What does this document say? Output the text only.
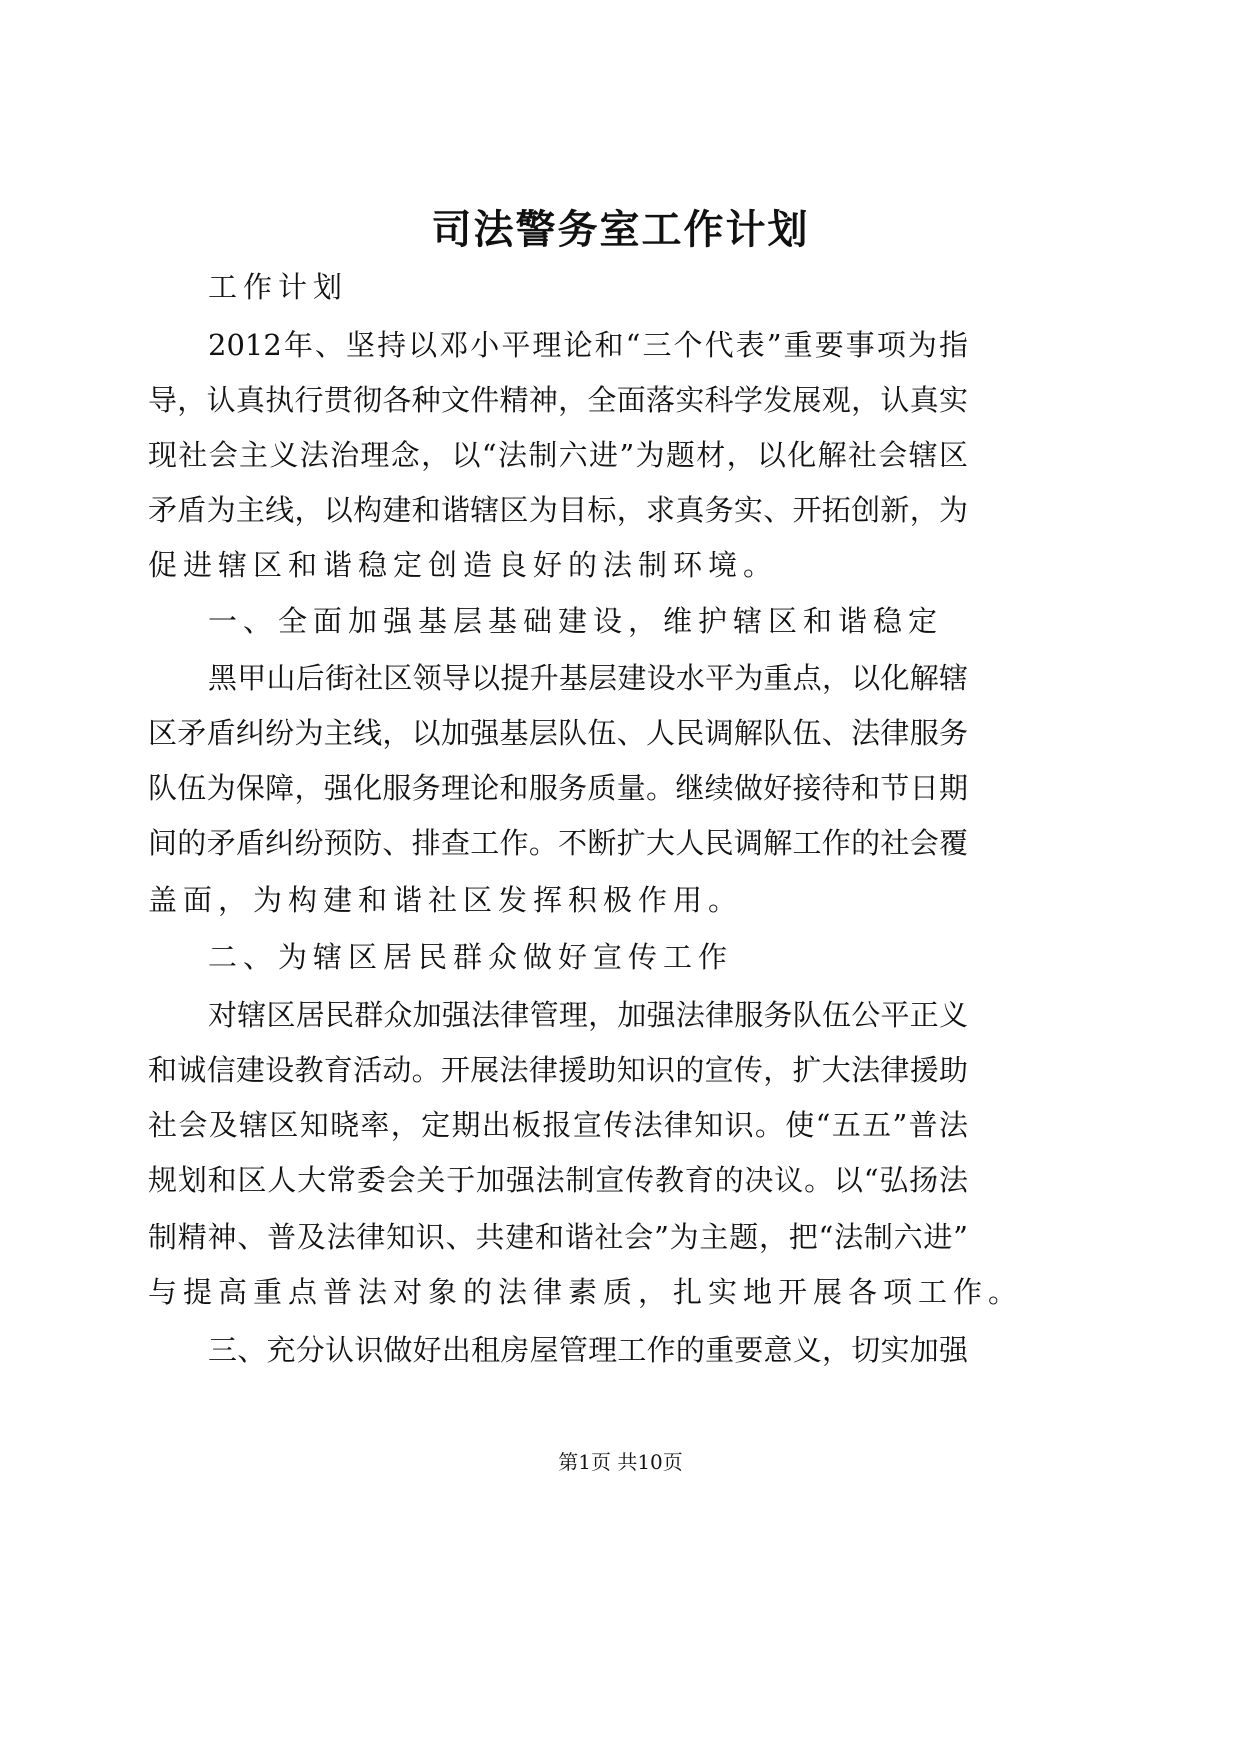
司法警务室工作计划
工作计划
2012年、坚持以邓小平理论和“三个代表”重要事项为指
导，认真执行贯彻各种文件精神，全面落实科学发展观，认真实
现社会主义法治理念，以“法制六进”为题材，以化解社会辖区
矛盾为主线，以构建和谐辖区为目标，求真务实、开拓创新，为
促进辖区和谐稳定创造良好的法制环境。
一、全面加强基层基础建设，维护辖区和谐稳定
黑甲山后街社区领导以提升基层建设水平为重点，以化解辖
区矛盾纠纷为主线，以加强基层队伍、人民调解队伍、法律服务
队伍为保障，强化服务理论和服务质量。继续做好接待和节日期
间的矛盾纠纷预防、排查工作。不断扩大人民调解工作的社会覆
盖面，为构建和谐社区发挥积极作用。
二、为辖区居民群众做好宣传工作
对辖区居民群众加强法律管理，加强法律服务队伍公平正义
和诚信建设教育活动。开展法律援助知识的宣传，扩大法律援助
社会及辖区知晓率，定期出板报宣传法律知识。使“五五”普法
规划和区人大常委会关于加强法制宣传教育的决议。以“弘扬法
制精神、普及法律知识、共建和谐社会”为主题，把“法制六进”
与提高重点普法对象的法律素质，扎实地开展各项工作。
三、充分认识做好出租房屋管理工作的重要意义，切实加强
第1页 共10页
